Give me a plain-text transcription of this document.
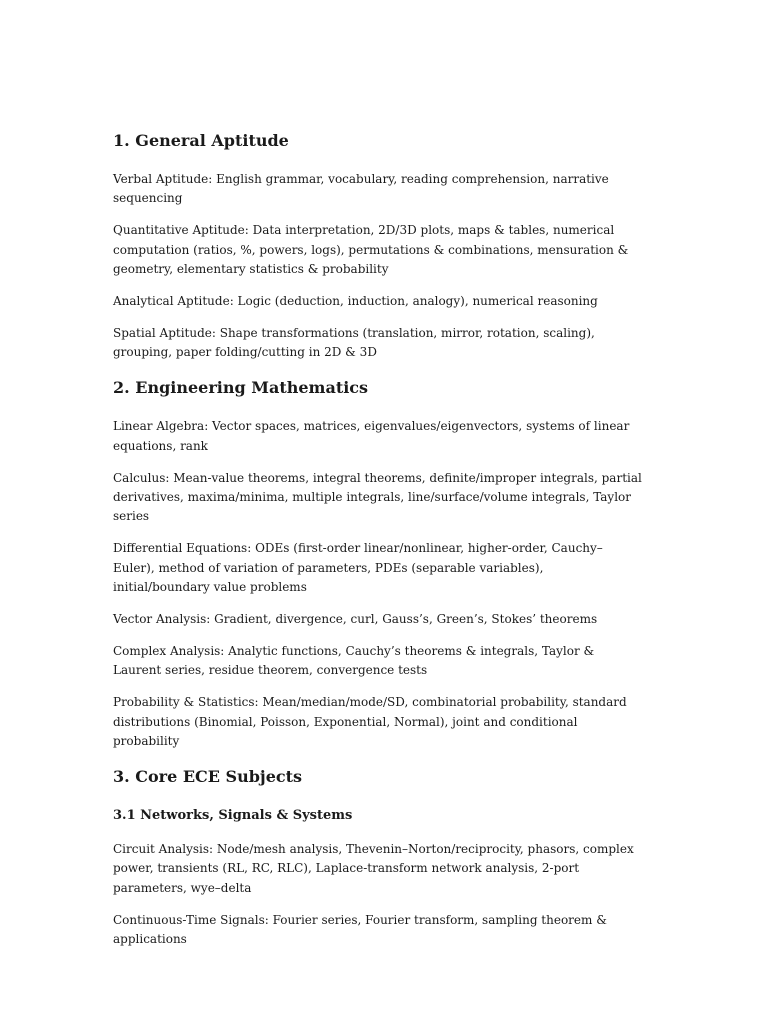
1. General Aptitude

Verbal Aptitude: English grammar, vocabulary, reading comprehension, narrative sequencing

Quantitative Aptitude: Data interpretation, 2D/3D plots, maps & tables, numerical computation (ratios, %, powers, logs), permutations & combinations, mensuration & geometry, elementary statistics & probability

Analytical Aptitude: Logic (deduction, induction, analogy), numerical reasoning

Spatial Aptitude: Shape transformations (translation, mirror, rotation, scaling), grouping, paper folding/cutting in 2D & 3D

2. Engineering Mathematics

Linear Algebra: Vector spaces, matrices, eigenvalues/eigenvectors, systems of linear equations, rank

Calculus: Mean-value theorems, integral theorems, definite/improper integrals, partial derivatives, maxima/minima, multiple integrals, line/surface/volume integrals, Taylor series

Differential Equations: ODEs (first-order linear/nonlinear, higher-order, Cauchy–Euler), method of variation of parameters, PDEs (separable variables), initial/boundary value problems

Vector Analysis: Gradient, divergence, curl, Gauss’s, Green’s, Stokes’ theorems

Complex Analysis: Analytic functions, Cauchy’s theorems & integrals, Taylor & Laurent series, residue theorem, convergence tests

Probability & Statistics: Mean/median/mode/SD, combinatorial probability, standard distributions (Binomial, Poisson, Exponential, Normal), joint and conditional probability

3. Core ECE Subjects
3.1 Networks, Signals & Systems

Circuit Analysis: Node/mesh analysis, Thevenin–Norton/reciprocity, phasors, complex power, transients (RL, RC, RLC), Laplace-transform network analysis, 2-port parameters, wye–delta

Continuous-Time Signals: Fourier series, Fourier transform, sampling theorem & applications
